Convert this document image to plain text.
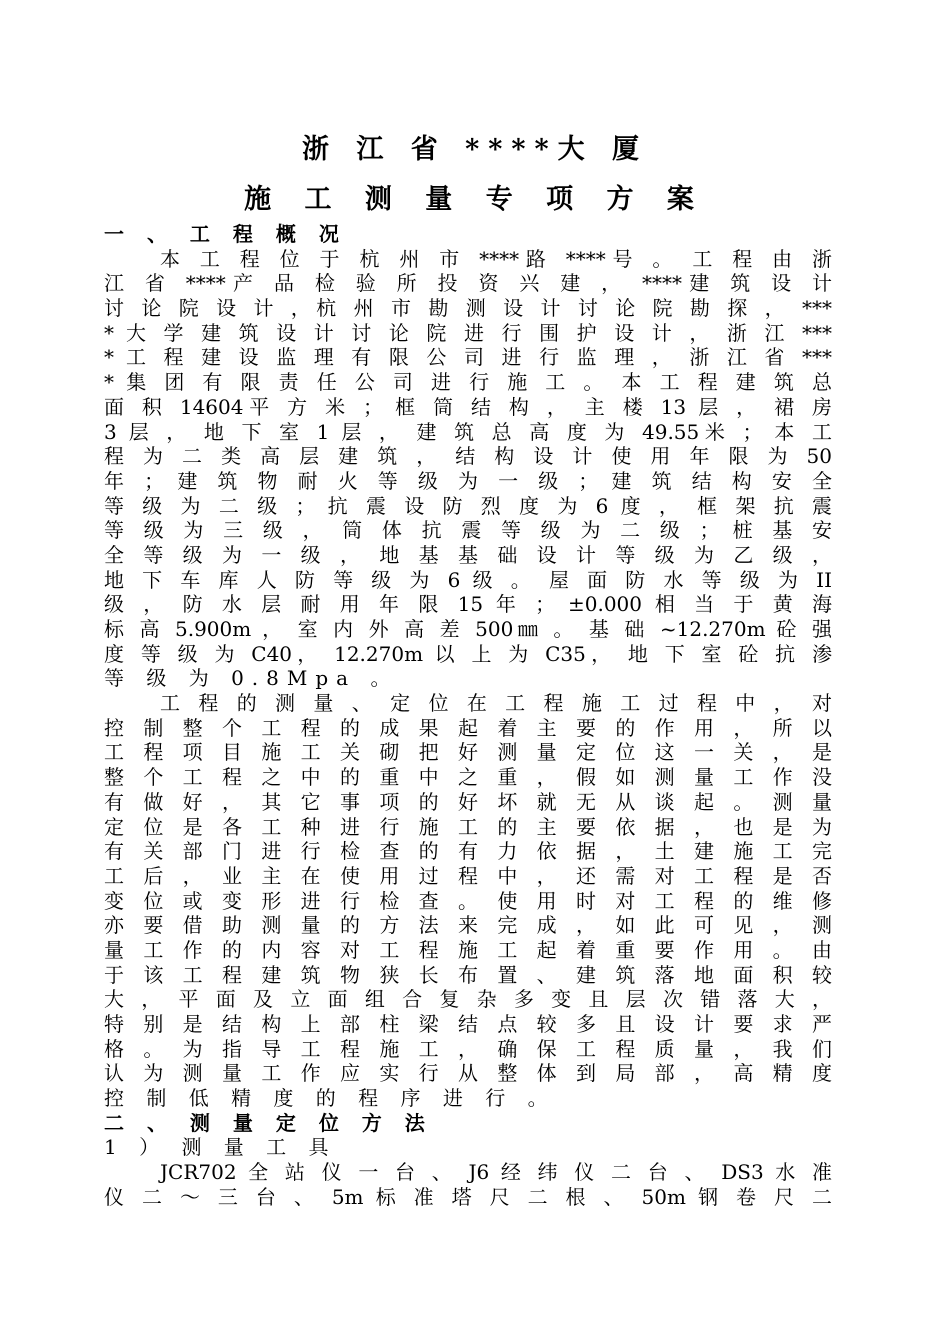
浙 江 省 ****大 厦
施 工 测 量 专 项 方 案
一 、 工 程 概 况
本 工 程 位 于 杭 州 市 ****路 ****号 。 工 程 由 浙
江 省 ****产 品 检 验 所 投 资 兴 建 ， ****建 筑 设 计
讨 论 院 设 计 ，杭 州 市 勘 测 设 计 讨 论 院 勘 探 ， ***
* 大 学 建 筑 设 计 讨 论 院 进 行 围 护 设 计 ， 浙 江 ***
* 工 程 建 设 监 理 有 限 公 司 进 行 监 理 ， 浙 江 省 ***
* 集 团 有 限 责 任 公 司 进 行 施 工 。 本 工 程 建 筑 总
面 积 14604平 方 米 ； 框 筒 结 构 ， 主 楼 13 层 ， 裙 房
3 层 ， 地 下 室 1 层 ， 建 筑 总 高 度 为 49.55米 ； 本 工
程 为 二 类 高 层 建 筑 ， 结 构 设 计 使 用 年 限 为 50
年 ； 建 筑 物 耐 火 等 级 为 一 级 ； 建 筑 结 构 安 全
等 级 为 二 级 ； 抗 震 设 防 烈 度 为 6 度 ， 框 架 抗 震
等 级 为 三 级 ， 筒 体 抗 震 等 级 为 二 级 ； 桩 基 安
全 等 级 为 一 级 ， 地 基 基 础 设 计 等 级 为 乙 级 ，
地 下 车 库 人 防 等 级 为 6 级 。 屋 面 防 水 等 级 为 II
级 ， 防 水 层 耐 用 年 限 15 年 ； ±0.000 相 当 于 黄 海
标 高 5.900m ， 室 内 外 高 差 500㎜ 。 基 础 ~12.270m 砼 强
度 等 级 为 C40， 12.270m 以 上 为 C35， 地 下 室 砼 抗 渗
等 级 为 0.8Mpa 。
工 程 的 测 量 、 定 位 在 工 程 施 工 过 程 中 ， 对
控 制 整 个 工 程 的 成 果 起 着 主 要 的 作 用 ， 所 以
工 程 项 目 施 工 关 砌 把 好 测 量 定 位 这 一 关 ， 是
整 个 工 程 之 中 的 重 中 之 重 ， 假 如 测 量 工 作 没
有 做 好 ， 其 它 事 项 的 好 坏 就 无 从 谈 起 。 测 量
定 位 是 各 工 种 进 行 施 工 的 主 要 依 据 ， 也 是 为
有 关 部 门 进 行 检 查 的 有 力 依 据 ， 土 建 施 工 完
工 后 ， 业 主 在 使 用 过 程 中 ， 还 需 对 工 程 是 否
变 位 或 变 形 进 行 检 查 。 使 用 时 对 工 程 的 维 修
亦 要 借 助 测 量 的 方 法 来 完 成 ， 如 此 可 见 ， 测
量 工 作 的 内 容 对 工 程 施 工 起 着 重 要 作 用 。 由
于 该 工 程 建 筑 物 狭 长 布 置 、 建 筑 落 地 面 积 较
大 ， 平 面 及 立 面 组 合 复 杂 多 变 且 层 次 错 落 大 ，
特 别 是 结 构 上 部 柱 梁 结 点 较 多 且 设 计 要 求 严
格 。 为 指 导 工 程 施 工 ， 确 保 工 程 质 量 ， 我 们
认 为 测 量 工 作 应 实 行 从 整 体 到 局 部 ， 高 精 度
控 制 低 精 度 的 程 序 进 行 。
二 、 测 量 定 位 方 法
1 ） 测 量 工 具
JCR702 全 站 仪 一 台 、 J6 经 纬 仪 二 台 、 DS3 水 准
仪 二 ～ 三 台 、 5m 标 准 塔 尺 二 根 、 50m 钢 卷 尺 二
